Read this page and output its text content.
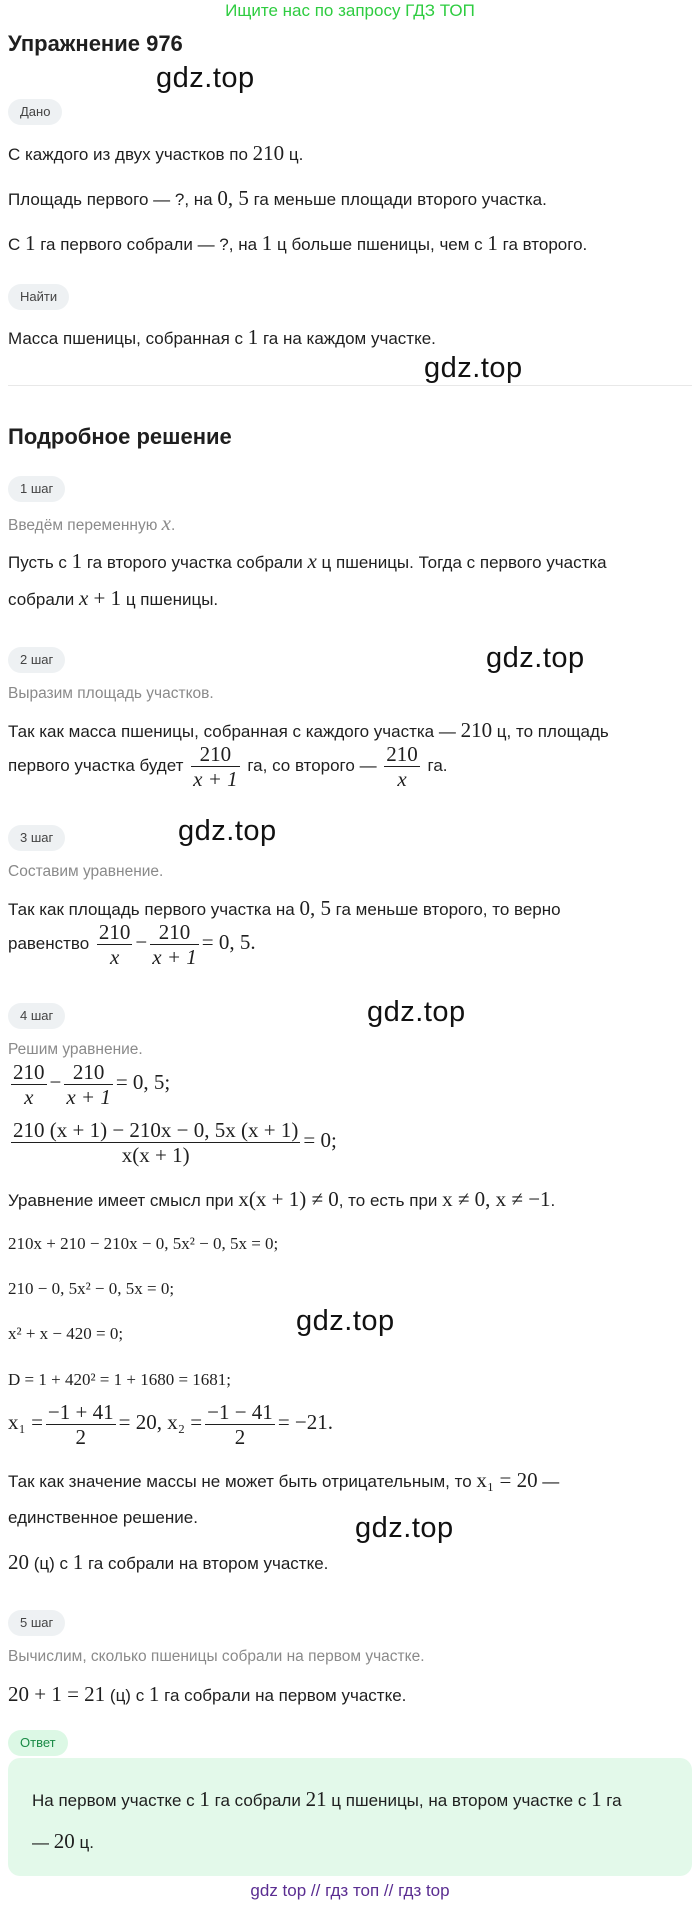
Ищите нас по запросу ГДЗ ТОП
Упражнение 976
gdz.top
gdz.top
gdz.top
gdz.top
gdz.top
gdz.top
gdz.top
Дано
С каждого из двух участков по 210 ц.
Площадь первого — ?, на 0, 5 га меньше площади второго участка.
С 1 га первого собрали — ?, на 1 ц больше пшеницы, чем с 1 га второго.
Найти
Масса пшеницы, собранная с 1 га на каждом участке.
Подробное решение
1 шаг
Введём переменную x.
Пусть с 1 га второго участка собрали x ц пшеницы. Тогда с первого участка
собрали x + 1 ц пшеницы.
2 шаг
Выразим площадь участков.
Так как масса пшеницы, собранная с каждого участка — 210 ц, то площадь
первого участка будет $\frac{210}{x + 1}$ га, со второго — $\frac{210}{x}$ га.
3 шаг
Составим уравнение.
Так как площадь первого участка на 0, 5 га меньше второго, то верно
равенство $\frac{210}{x} - \frac{210}{x + 1} = 0$, 5.
4 шаг
Решим уравнение.
$\frac{210}{x} - \frac{210}{x + 1} = 0$, 5;
$\frac{210 (x + 1) - 210x - 0, 5x (x + 1)}{x(x + 1)} = 0$;
Уравнение имеет смысл при x(x + 1) ≠ 0, то есть при x ≠ 0, x ≠ −1.
210x + 210 − 210x − 0, 5x² − 0, 5x = 0;
210 − 0, 5x² − 0, 5x = 0;
x² + x − 420 = 0;
D = 1 + 420² = 1 + 1680 = 1681;
$x_1 = \frac{-1 + 41}{2} = 20$, $x_2 = \frac{-1 - 41}{2} = -21$.
Так как значение массы не может быть отрицательным, то x₁ = 20 —
единственное решение.
20 (ц) с 1 га собрали на втором участке.
5 шаг
Вычислим, сколько пшеницы собрали на первом участке.
20 + 1 = 21 (ц) с 1 га собрали на первом участке.
Ответ
На первом участке с 1 га собрали 21 ц пшеницы, на втором участке с 1 га
— 20 ц.
gdz top // гдз топ // гдз top
